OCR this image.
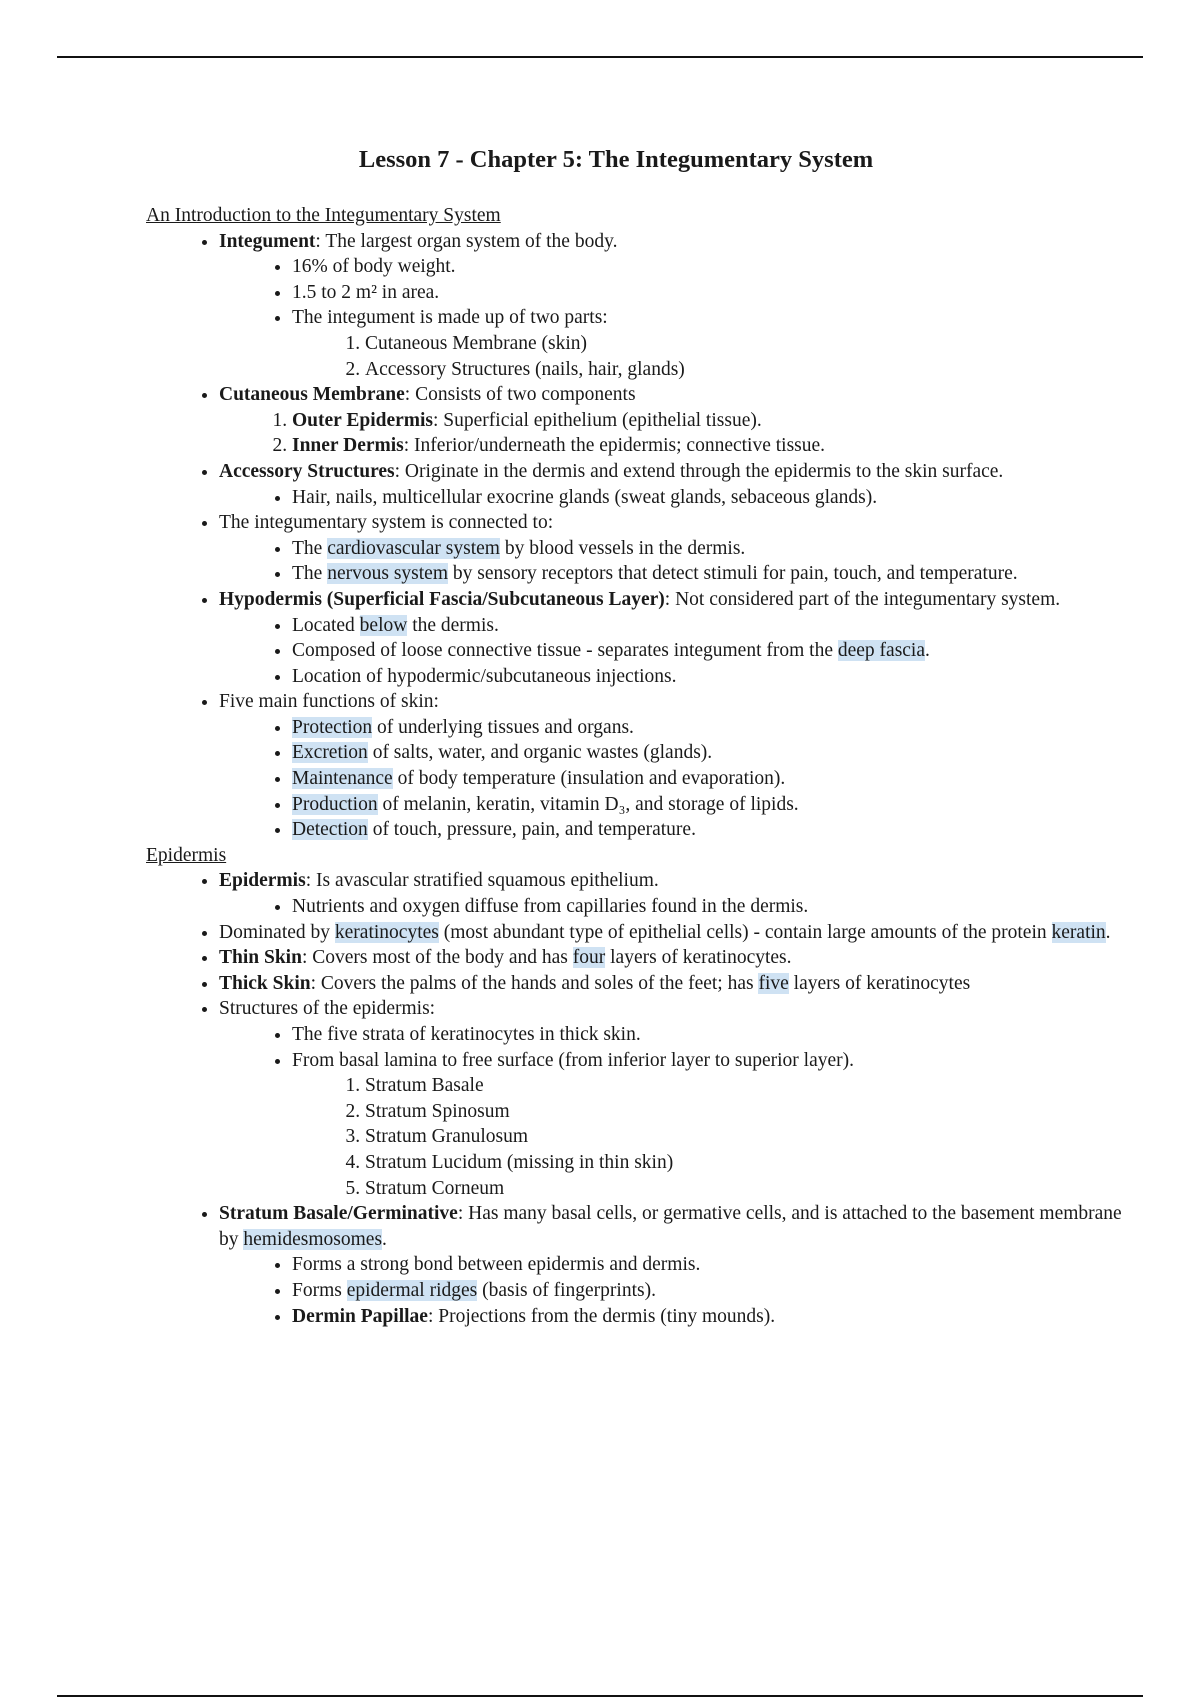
Lesson 7 - Chapter 5: The Integumentary System
An Introduction to the Integumentary System
• Integument: The largest organ system of the body.
• 16% of body weight.
• 1.5 to 2 m² in area.
• The integument is made up of two parts:
1. Cutaneous Membrane (skin)
2. Accessory Structures (nails, hair, glands)
• Cutaneous Membrane: Consists of two components
1. Outer Epidermis: Superficial epithelium (epithelial tissue).
2. Inner Dermis: Inferior/underneath the epidermis; connective tissue.
• Accessory Structures: Originate in the dermis and extend through the epidermis to the skin surface.
• Hair, nails, multicellular exocrine glands (sweat glands, sebaceous glands).
• The integumentary system is connected to:
• The cardiovascular system by blood vessels in the dermis.
• The nervous system by sensory receptors that detect stimuli for pain, touch, and temperature.
• Hypodermis (Superficial Fascia/Subcutaneous Layer): Not considered part of the integumentary system.
• Located below the dermis.
• Composed of loose connective tissue - separates integument from the deep fascia.
• Location of hypodermic/subcutaneous injections.
• Five main functions of skin:
• Protection of underlying tissues and organs.
• Excretion of salts, water, and organic wastes (glands).
• Maintenance of body temperature (insulation and evaporation).
• Production of melanin, keratin, vitamin D₃, and storage of lipids.
• Detection of touch, pressure, pain, and temperature.
Epidermis
• Epidermis: Is avascular stratified squamous epithelium.
• Nutrients and oxygen diffuse from capillaries found in the dermis.
• Dominated by keratinocytes (most abundant type of epithelial cells) - contain large amounts of the protein keratin.
• Thin Skin: Covers most of the body and has four layers of keratinocytes.
• Thick Skin: Covers the palms of the hands and soles of the feet; has five layers of keratinocytes
• Structures of the epidermis:
• The five strata of keratinocytes in thick skin.
• From basal lamina to free surface (from inferior layer to superior layer).
1. Stratum Basale
2. Stratum Spinosum
3. Stratum Granulosum
4. Stratum Lucidum (missing in thin skin)
5. Stratum Corneum
• Stratum Basale/Germinative: Has many basal cells, or germative cells, and is attached to the basement membrane by hemidesmosomes.
• Forms a strong bond between epidermis and dermis.
• Forms epidermal ridges (basis of fingerprints).
• Dermin Papillae: Projections from the dermis (tiny mounds).
